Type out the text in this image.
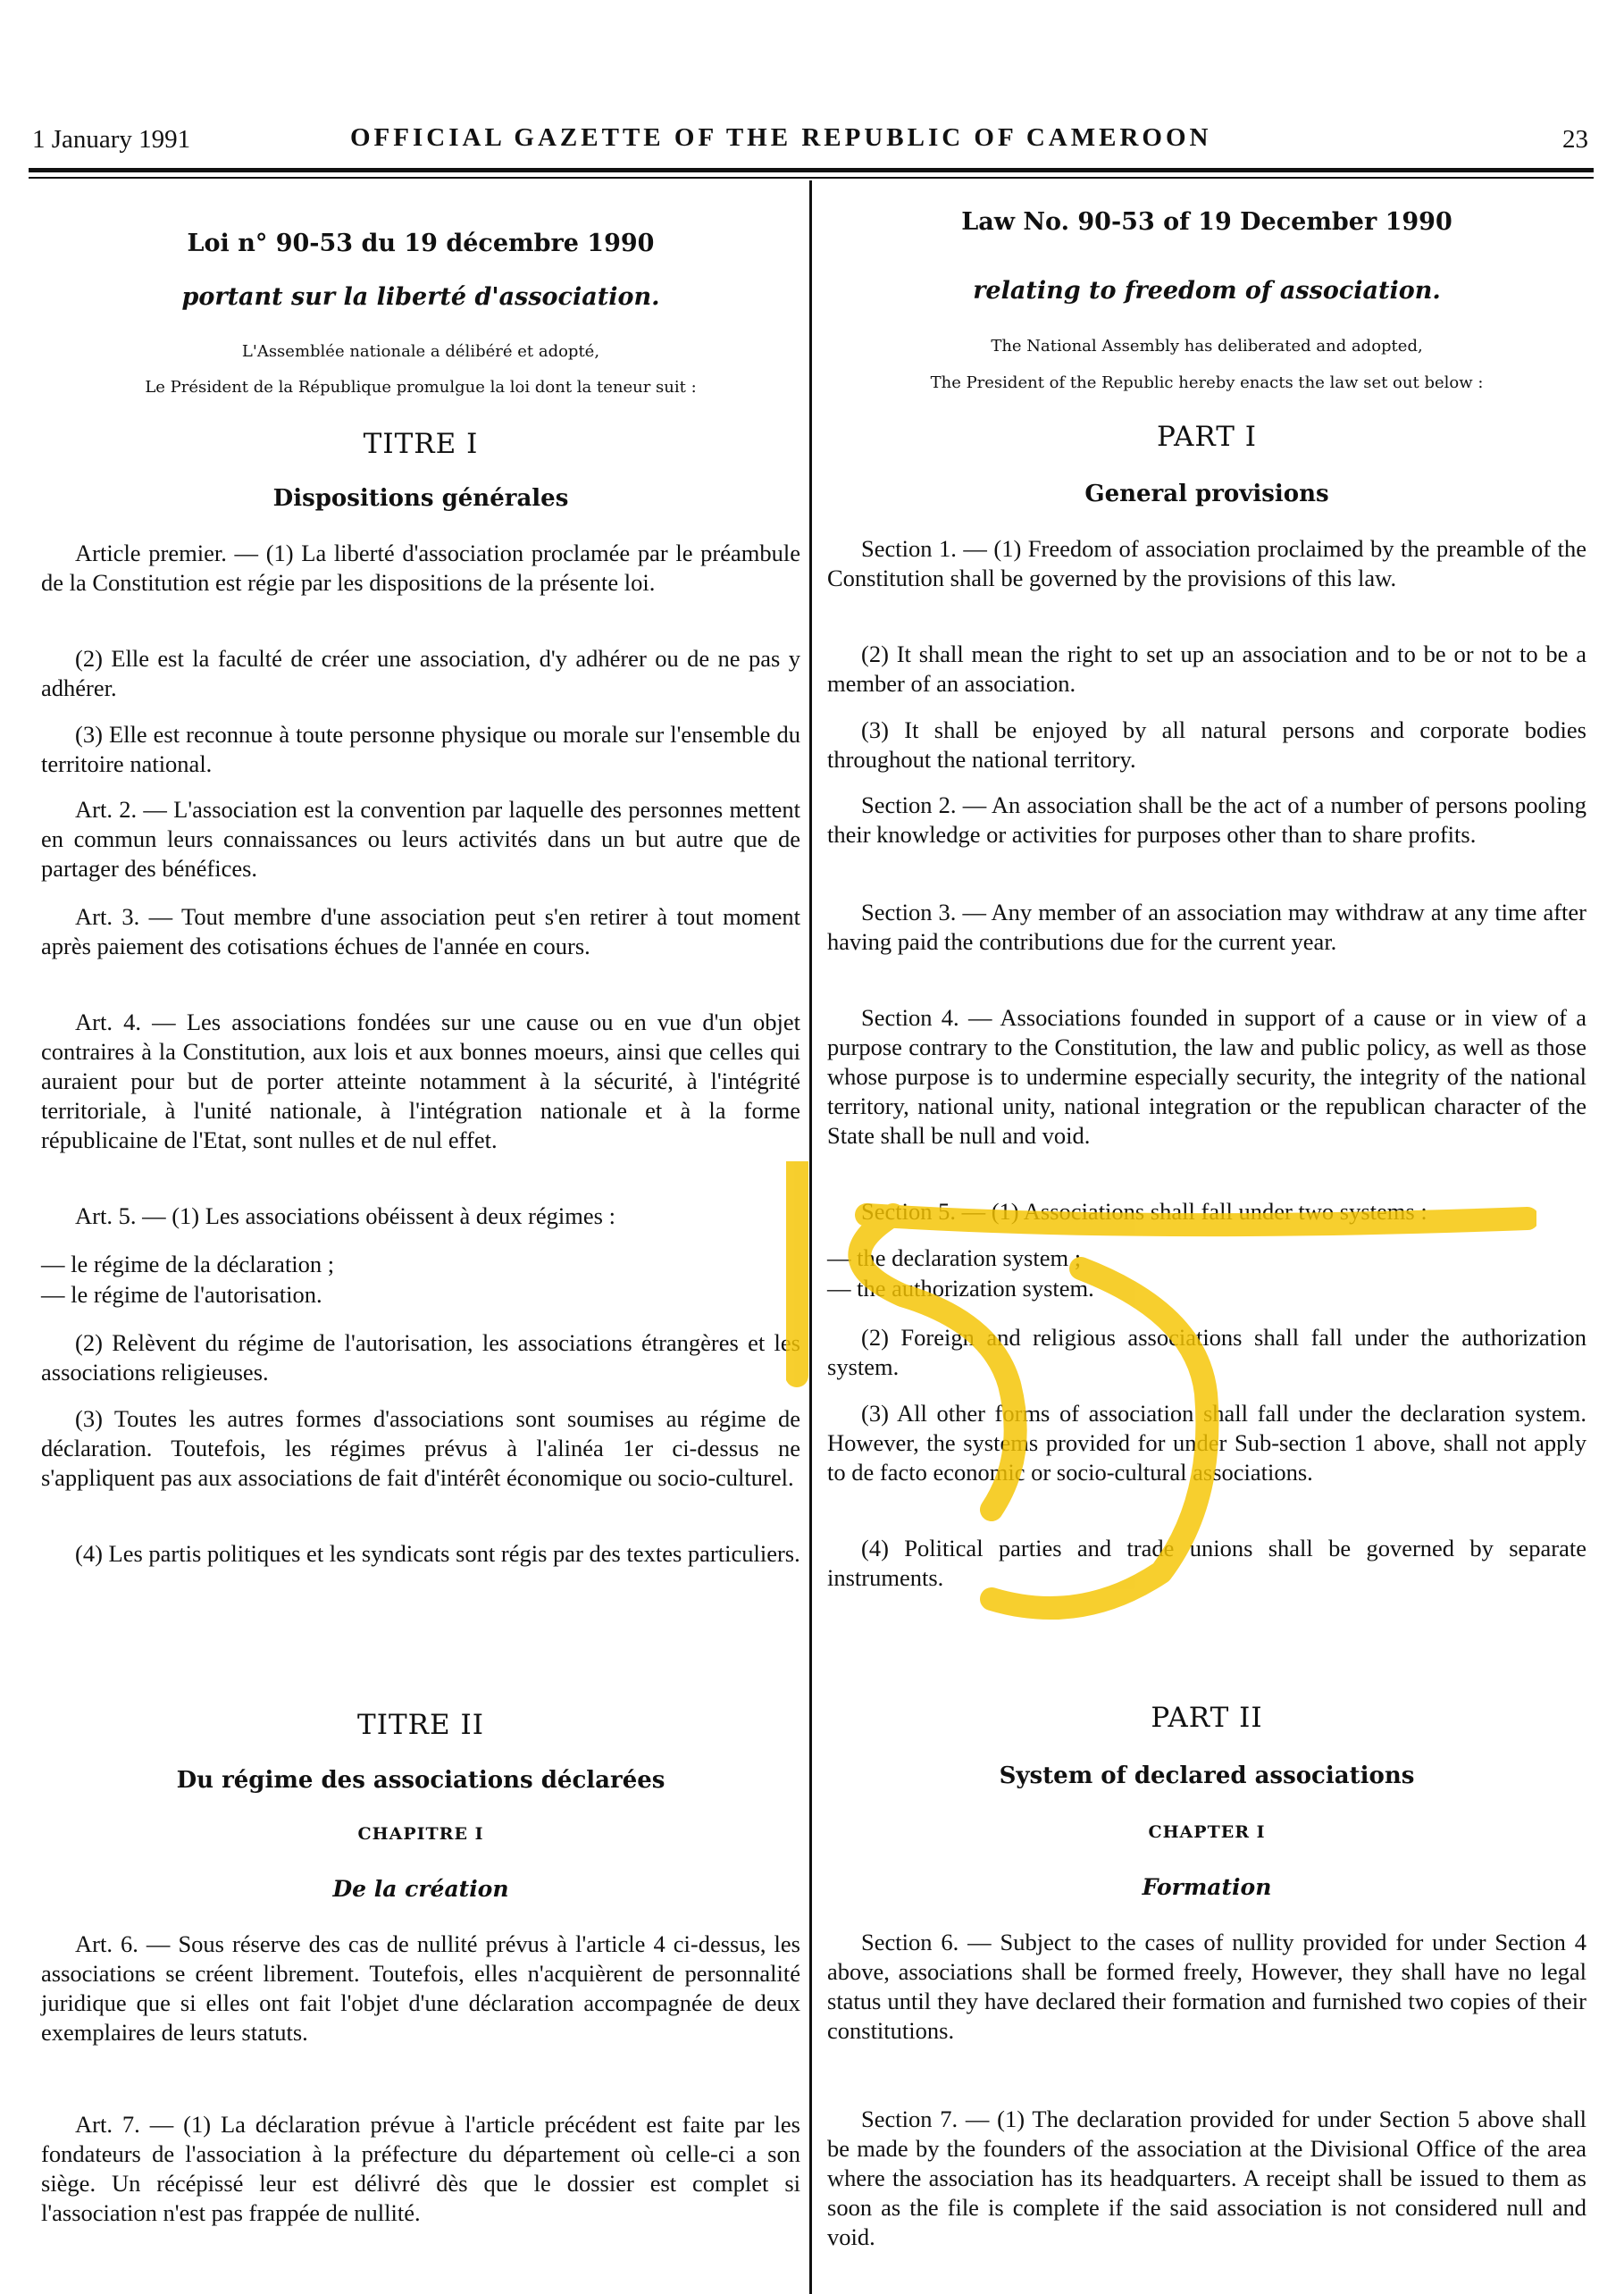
1 January 1991	OFFICIAL GAZETTE OF THE REPUBLIC OF CAMEROON	23
Loi n° 90-53 du 19 décembre 1990
portant sur la liberté d'association.
L'Assemblée nationale a délibéré et adopté,
Le Président de la République promulgue la loi dont la teneur suit :
TITRE I
Dispositions générales
Article premier. — (1) La liberté d'association proclamée par le préambule de la Constitution est régie par les dispositions de la présente loi.
(2) Elle est la faculté de créer une association, d'y adhérer ou de ne pas y adhérer.
(3) Elle est reconnue à toute personne physique ou morale sur l'ensemble du territoire national.
Art. 2. — L'association est la convention par laquelle des personnes mettent en commun leurs connaissances ou leurs activités dans un but autre que de partager des bénéfices.
Art. 3. — Tout membre d'une association peut s'en retirer à tout moment après paiement des cotisations échues de l'année en cours.
Art. 4. — Les associations fondées sur une cause ou en vue d'un objet contraires à la Constitution, aux lois et aux bonnes moeurs, ainsi que celles qui auraient pour but de porter atteinte notamment à la sécurité, à l'intégrité territoriale, à l'unité nationale, à l'intégration nationale et à la forme républicaine de l'Etat, sont nulles et de nul effet.
Art. 5. — (1) Les associations obéissent à deux régimes :
— le régime de la déclaration ;
— le régime de l'autorisation.
(2) Relèvent du régime de l'autorisation, les associations étrangères et les associations religieuses.
(3) Toutes les autres formes d'associations sont soumises au régime de déclaration. Toutefois, les régimes prévus à l'alinéa 1er ci-dessus ne s'appliquent pas aux associations de fait d'intérêt économique ou socio-culturel.
(4) Les partis politiques et les syndicats sont régis par des textes particuliers.
TITRE II
Du régime des associations déclarées
CHAPITRE I
De la création
Art. 6. — Sous réserve des cas de nullité prévus à l'article 4 ci-dessus, les associations se créent librement. Toutefois, elles n'acquièrent de personnalité juridique que si elles ont fait l'objet d'une déclaration accompagnée de deux exemplaires de leurs statuts.
Art. 7. — (1) La déclaration prévue à l'article précédent est faite par les fondateurs de l'association à la préfecture du département où celle-ci a son siège. Un récépissé leur est délivré dès que le dossier est complet si l'association n'est pas frappée de nullité.
Law No. 90-53 of 19 December 1990
relating to freedom of association.
The National Assembly has deliberated and adopted,
The President of the Republic hereby enacts the law set out below :
PART I
General provisions
Section 1. — (1) Freedom of association proclaimed by the preamble of the Constitution shall be governed by the provisions of this law.
(2) It shall mean the right to set up an association and to be or not to be a member of an association.
(3) It shall be enjoyed by all natural persons and corporate bodies throughout the national territory.
Section 2. — An association shall be the act of a number of persons pooling their knowledge or activities for purposes other than to share profits.
Section 3. — Any member of an association may withdraw at any time after having paid the contributions due for the current year.
Section 4. — Associations founded in support of a cause or in view of a purpose contrary to the Constitution, the law and public policy, as well as those whose purpose is to undermine especially security, the integrity of the national territory, national unity, national integration or the republican character of the State shall be null and void.
Section 5. — (1) Associations shall fall under two systems :
— the declaration system ;
— the authorization system.
(2) Foreign and religious associations shall fall under the authorization system.
(3) All other forms of association shall fall under the declaration system. However, the systems provided for under Sub-section 1 above, shall not apply to de facto economic or socio-cultural associations.
(4) Political parties and trade unions shall be governed by separate instruments.
PART II
System of declared associations
CHAPTER I
Formation
Section 6. — Subject to the cases of nullity provided for under Section 4 above, associations shall be formed freely, However, they shall have no legal status until they have declared their formation and furnished two copies of their constitutions.
Section 7. — (1) The declaration provided for under Section 5 above shall be made by the founders of the association at the Divisional Office of the area where the association has its headquarters. A receipt shall be issued to them as soon as the file is complete if the said association is not considered null and void.
